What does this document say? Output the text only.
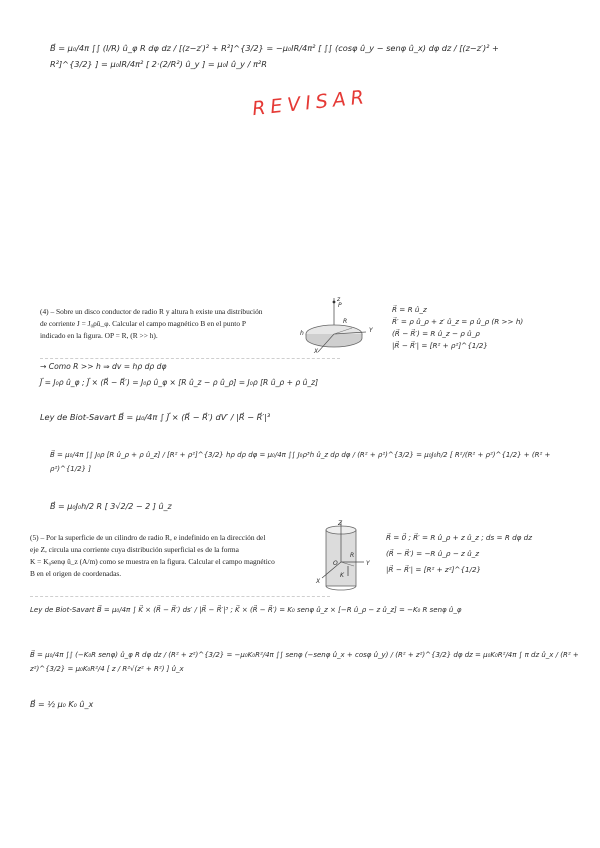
B⃗ = μ₀/4π ∫∫ (I/R) û_φ R dφ dz / [(z−z′)² + R²]^{3/2} = −μ₀IR/4π² [ ∫∫ (cosφ û_y − senφ û_x) dφ dz / [(z−z′)² + R²]^{3/2} ] = μ₀IR/4π² [ 2·(2/R²) û_y ] = μ₀I û_y / π²R
REVISAR
(4) – Sobre un disco conductor de radio R y altura h existe una distribución
de corriente J = J₀ρû_φ. Calcular el campo magnético B en el punto P
indicado en la figura. OP = R, (R >> h).
z
R
Y
X
h
P	R⃗ = R û_z
R⃗′ = ρ û_ρ + z′ û_z = ρ û_ρ (R >> h)
(R⃗ − R⃗′) = R û_z − ρ û_ρ
|R⃗ − R⃗′| = [R² + ρ²]^{1/2}
→ Como R >> h ⇒ dv = hρ dρ dφ
J⃗ = J₀ρ û_φ ; J⃗ × (R⃗ − R⃗′) = J₀ρ û_φ × [R û_z − ρ û_ρ] = J₀ρ [R û_ρ + ρ û_z]
Ley de Biot-Savart B⃗ = μ₀/4π ∫ J⃗ × (R⃗ − R⃗′) dV′ / |R⃗ − R⃗′|³
B⃗ = μ₀/4π ∫∫ J₀ρ [R û_ρ + ρ û_z] / [R² + ρ²]^{3/2} hρ dρ dφ = μ₀/4π ∫∫ J₀ρ³h û_z dρ dφ / (R² + ρ²)^{3/2} = μ₀J₀h/2 [ R²/(R² + ρ²)^{1/2} + (R² + ρ²)^{1/2} ]
B⃗ = μ₀J₀h/2 R [ 3√2/2 − 2 ] û_z
(5) – Por la superficie de un cilindro de radio R, e indefinido en la dirección del
eje Z, circula una corriente cuya distribución superficial es de la forma
K = K₀senφ û_z (A/m) como se muestra en la figura. Calcular el campo magnético
B en el origen de coordenadas.
Z
R
O
K
X
Y
R⃗ = 0⃗ ; R⃗′ = R û_ρ + z û_z ; ds = R dφ dz
(R⃗ − R⃗′) = −R û_ρ − z û_z
|R⃗ − R⃗′| = [R² + z²]^{1/2}
Ley de Biot-Savart B⃗ = μ₀/4π ∫ K⃗ × (R⃗ − R⃗′) ds′ / |R⃗ − R⃗′|³ ; K⃗ × (R⃗ − R⃗′) = K₀ senφ û_z × [−R û_ρ − z û_z] = −K₀ R senφ û_φ
B⃗ = μ₀/4π ∫∫ (−K₀R senφ) û_φ R dφ dz / (R² + z²)^{3/2} = −μ₀K₀R²/4π ∫∫ senφ (−senφ û_x + cosφ û_y) / (R² + z²)^{3/2} dφ dz = μ₀K₀R²/4π ∫ π dz û_x / (R² + z²)^{3/2} = μ₀K₀R²/4 [ z / R²√(z² + R²) ] û_x
B⃗ = ½ μ₀ K₀ û_x
